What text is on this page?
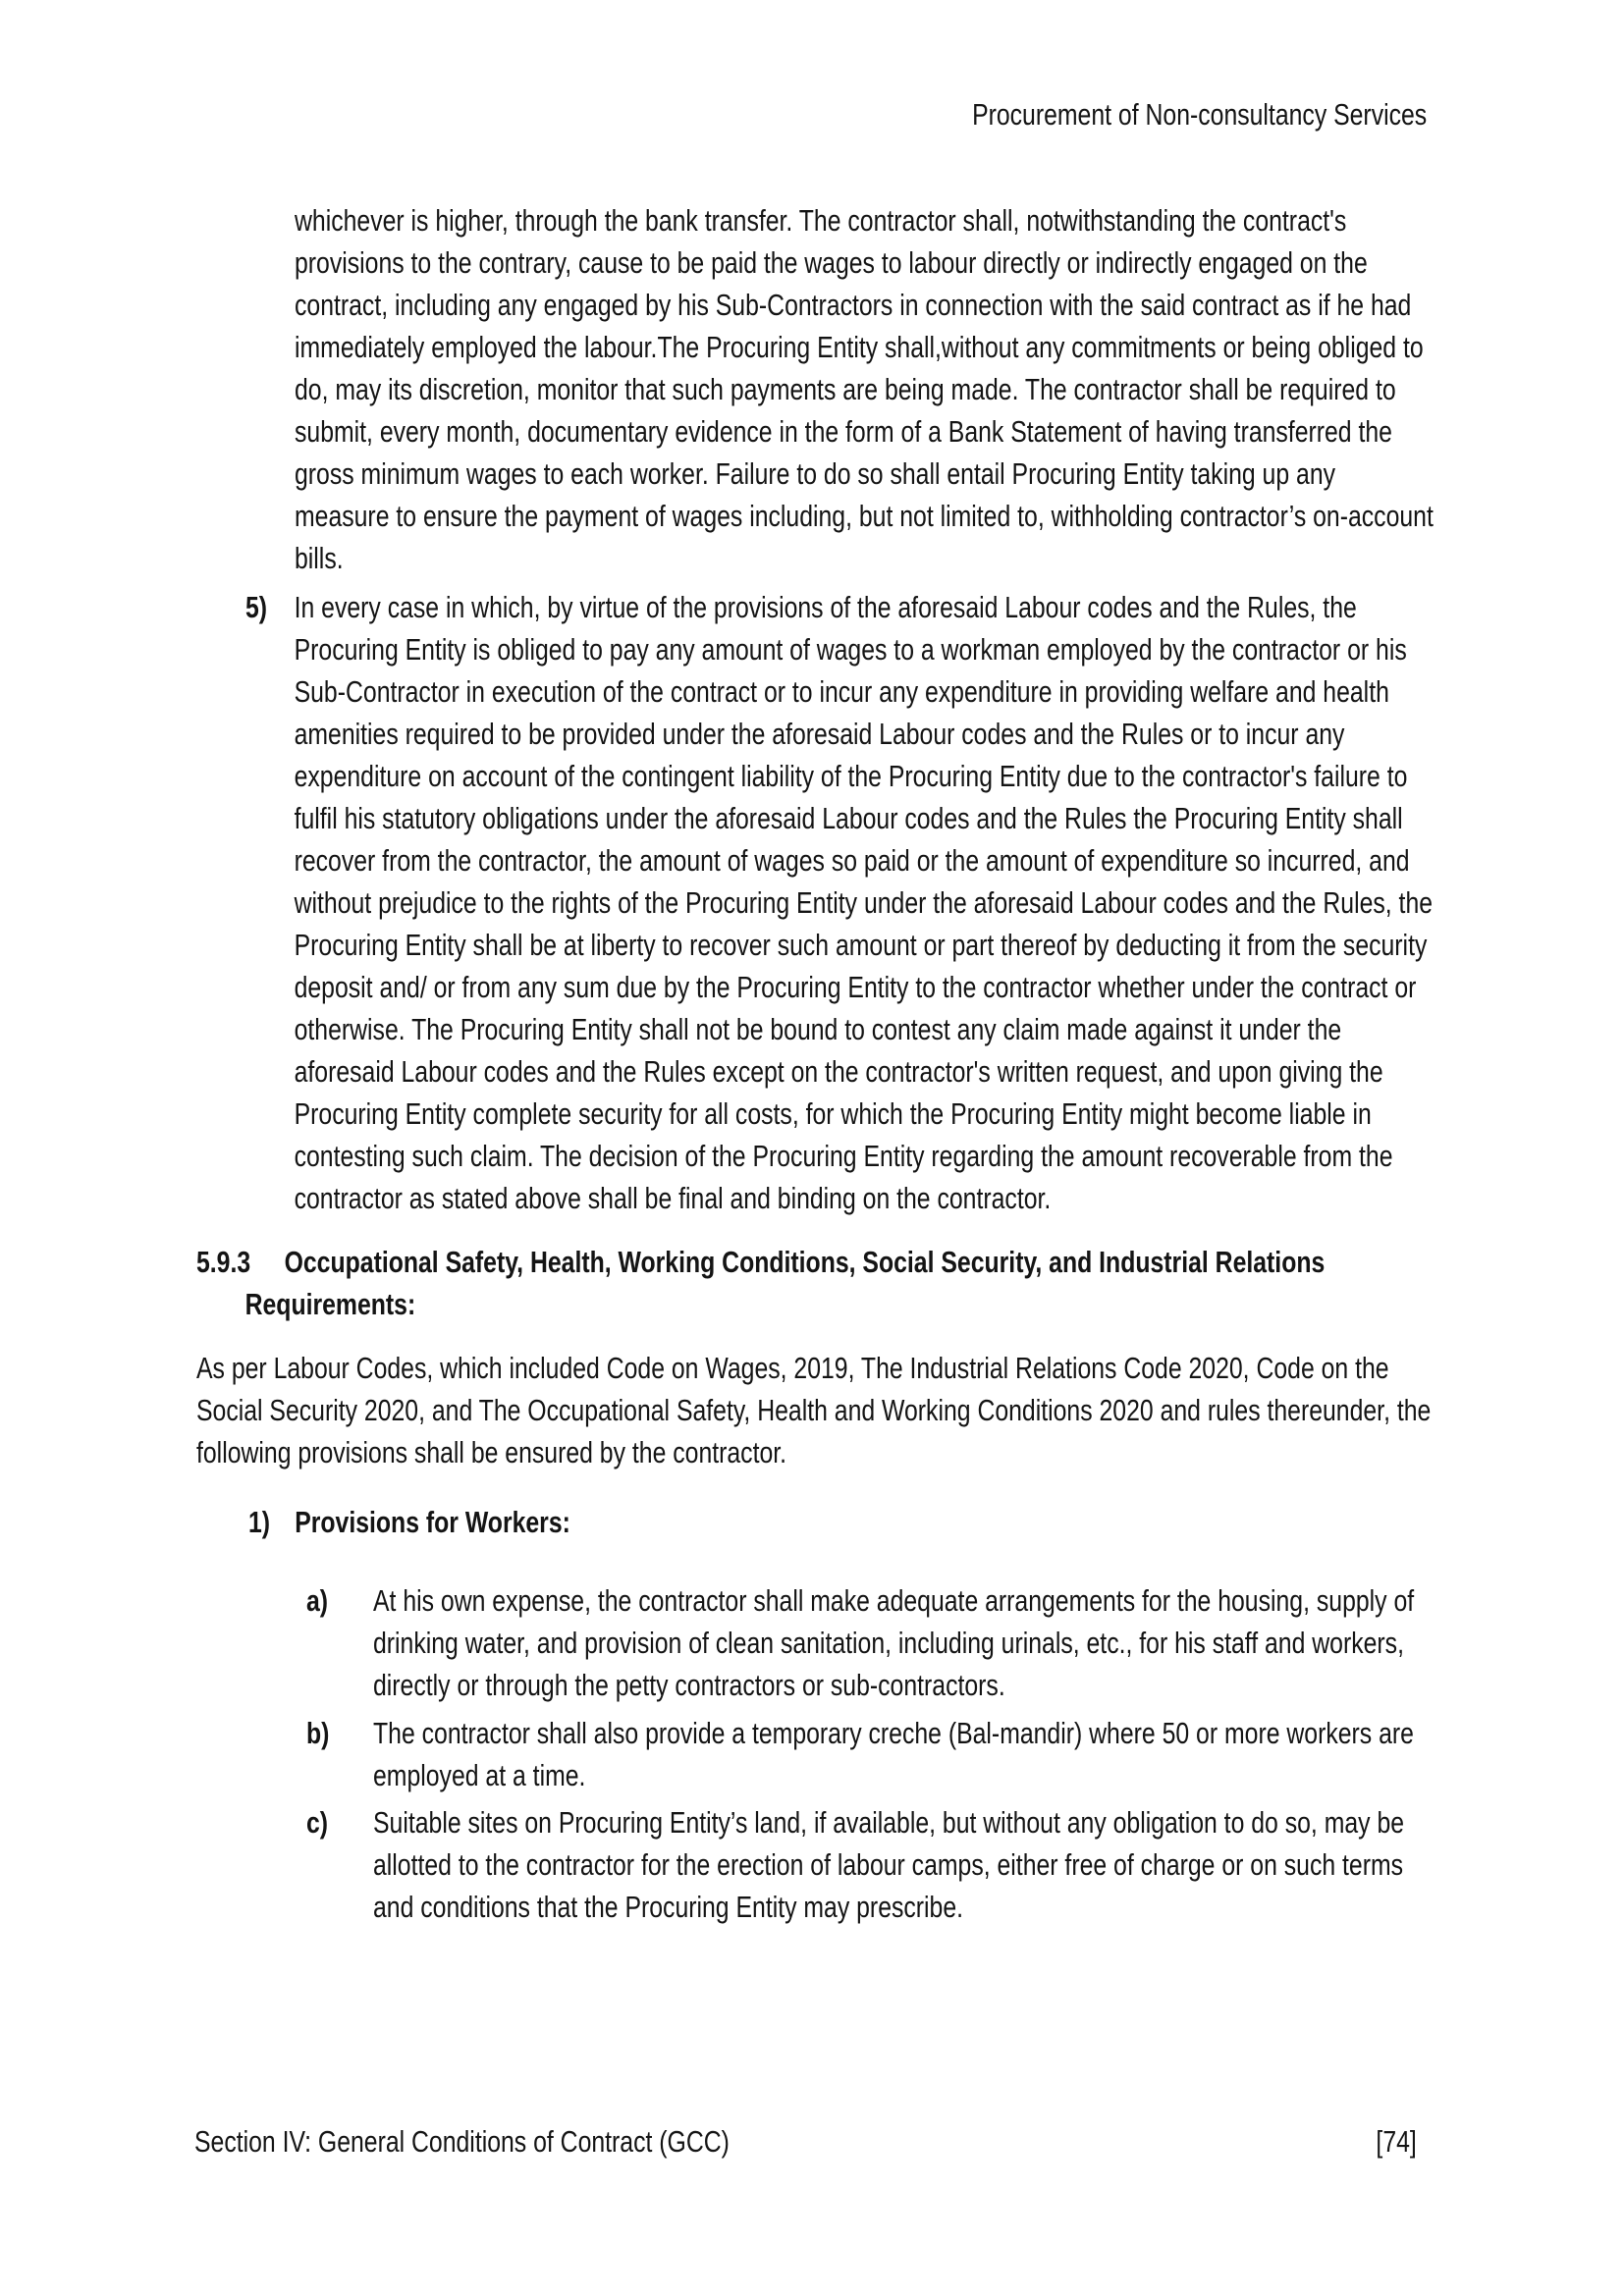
Procurement of Non-consultancy Services
whichever is higher, through the bank transfer. The contractor shall, notwithstanding the contract's provisions to the contrary, cause to be paid the wages to labour directly or indirectly engaged on the contract, including any engaged by his Sub-Contractors in connection with the said contract as if he had immediately employed the labour.The Procuring Entity shall,without any commitments or being obliged to do, may its discretion, monitor that such payments are being made. The contractor shall be required to submit, every month, documentary evidence in the form of a Bank Statement of having transferred the gross minimum wages to each worker. Failure to do so shall entail Procuring Entity taking up any measure to ensure the payment of wages including, but not limited to, withholding contractor’s on-account bills.
5) In every case in which, by virtue of the provisions of the aforesaid Labour codes and the Rules, the Procuring Entity is obliged to pay any amount of wages to a workman employed by the contractor or his Sub-Contractor in execution of the contract or to incur any expenditure in providing welfare and health amenities required to be provided under the aforesaid Labour codes and the Rules or to incur any expenditure on account of the contingent liability of the Procuring Entity due to the contractor's failure to fulfil his statutory obligations under the aforesaid Labour codes and the Rules the Procuring Entity shall recover from the contractor, the amount of wages so paid or the amount of expenditure so incurred, and without prejudice to the rights of the Procuring Entity under the aforesaid Labour codes and the Rules, the Procuring Entity shall be at liberty to recover such amount or part thereof by deducting it from the security deposit and/ or from any sum due by the Procuring Entity to the contractor whether under the contract or otherwise. The Procuring Entity shall not be bound to contest any claim made against it under the aforesaid Labour codes and the Rules except on the contractor's written request, and upon giving the Procuring Entity complete security for all costs, for which the Procuring Entity might become liable in contesting such claim. The decision of the Procuring Entity regarding the amount recoverable from the contractor as stated above shall be final and binding on the contractor.
5.9.3	Occupational Safety, Health, Working Conditions, Social Security, and Industrial Relations
Requirements:
As per Labour Codes, which included Code on Wages, 2019, The Industrial Relations Code 2020, Code on the Social Security 2020, and The Occupational Safety, Health and Working Conditions 2020 and rules thereunder, the following provisions shall be ensured by the contractor.
1) Provisions for Workers:
a) At his own expense, the contractor shall make adequate arrangements for the housing, supply of drinking water, and provision of clean sanitation, including urinals, etc., for his staff and workers, directly or through the petty contractors or sub-contractors.
b) The contractor shall also provide a temporary creche (Bal-mandir) where 50 or more workers are employed at a time.
c) Suitable sites on Procuring Entity’s land, if available, but without any obligation to do so, may be allotted to the contractor for the erection of labour camps, either free of charge or on such terms and conditions that the Procuring Entity may prescribe.
Section IV: General Conditions of Contract (GCC)	[74]
